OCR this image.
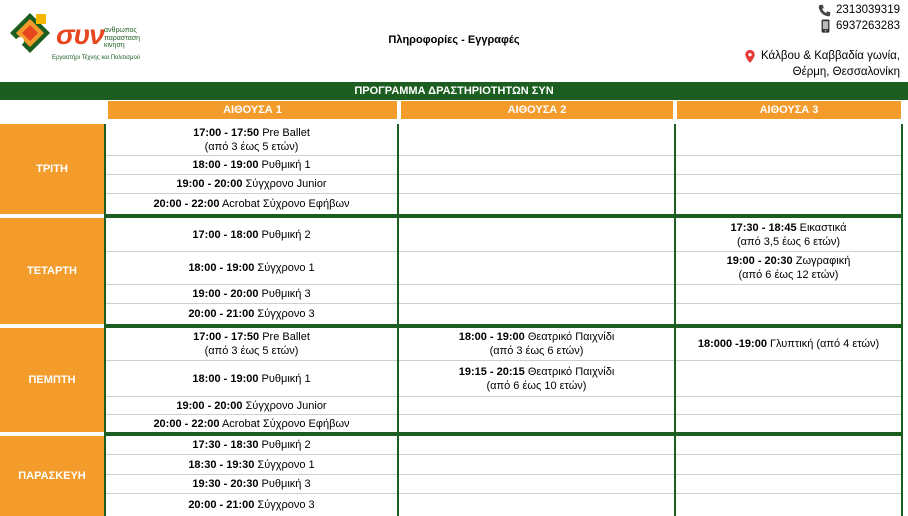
συν ανθρωπος παρασταση κινηση
Εργαστήρι Τέχνης και Πολιτισμού
Πληροφορίες - Εγγραφές
2313039319
6937263283
Κάλβου & Καββαδία γωνία,
Θέρμη, Θεσσαλονίκη
ΠΡΟΓΡΑΜΜΑ ΔΡΑΣΤΗΡΙΟΤΗΤΩΝ ΣΥΝ
ΑΙΘΟΥΣΑ 1	ΑΙΘΟΥΣΑ 2	ΑΙΘΟΥΣΑ 3
ΤΡΙΤΗ
17:00 - 17:50 Pre Ballet
(από 3 έως 5 ετών)
18:00 - 19:00 Ρυθμική 1
19:00 - 20:00 Σύγχρονο Junior
20:00 - 22:00 Acrobat Σύχρονο Εφήβων
ΤΕΤΑΡΤΗ
17:00 - 18:00 Ρυθμική 2
18:00 - 19:00 Σύγχρονο 1
19:00 - 20:00 Ρυθμική 3
20:00 - 21:00 Σύγχρονο 3
17:30 - 18:45 Εικαστικά
(από 3,5 έως 6 ετών)
19:00 - 20:30 Ζωγραφική
(από 6 έως 12 ετών)
ΠΕΜΠΤΗ
17:00 - 17:50 Pre Ballet
(από 3 έως 5 ετών)
18:00 - 19:00 Ρυθμική 1
19:00 - 20:00 Σύγχρονο Junior
20:00 - 22:00 Acrobat Σύχρονο Εφήβων
18:00 - 19:00 Θεατρικό Παιχνίδι
(από 3 έως 6 ετών)
19:15 - 20:15 Θεατρικό Παιχνίδι
(από 6 έως 10 ετών)
18:000 -19:00 Γλυπτική (από 4 ετών)
ΠΑΡΑΣΚΕΥΗ
17:30 - 18:30 Ρυθμική 2
18:30 - 19:30 Σύγχρονο 1
19:30 - 20:30 Ρυθμική 3
20:00 - 21:00 Σύγχρονο 3
